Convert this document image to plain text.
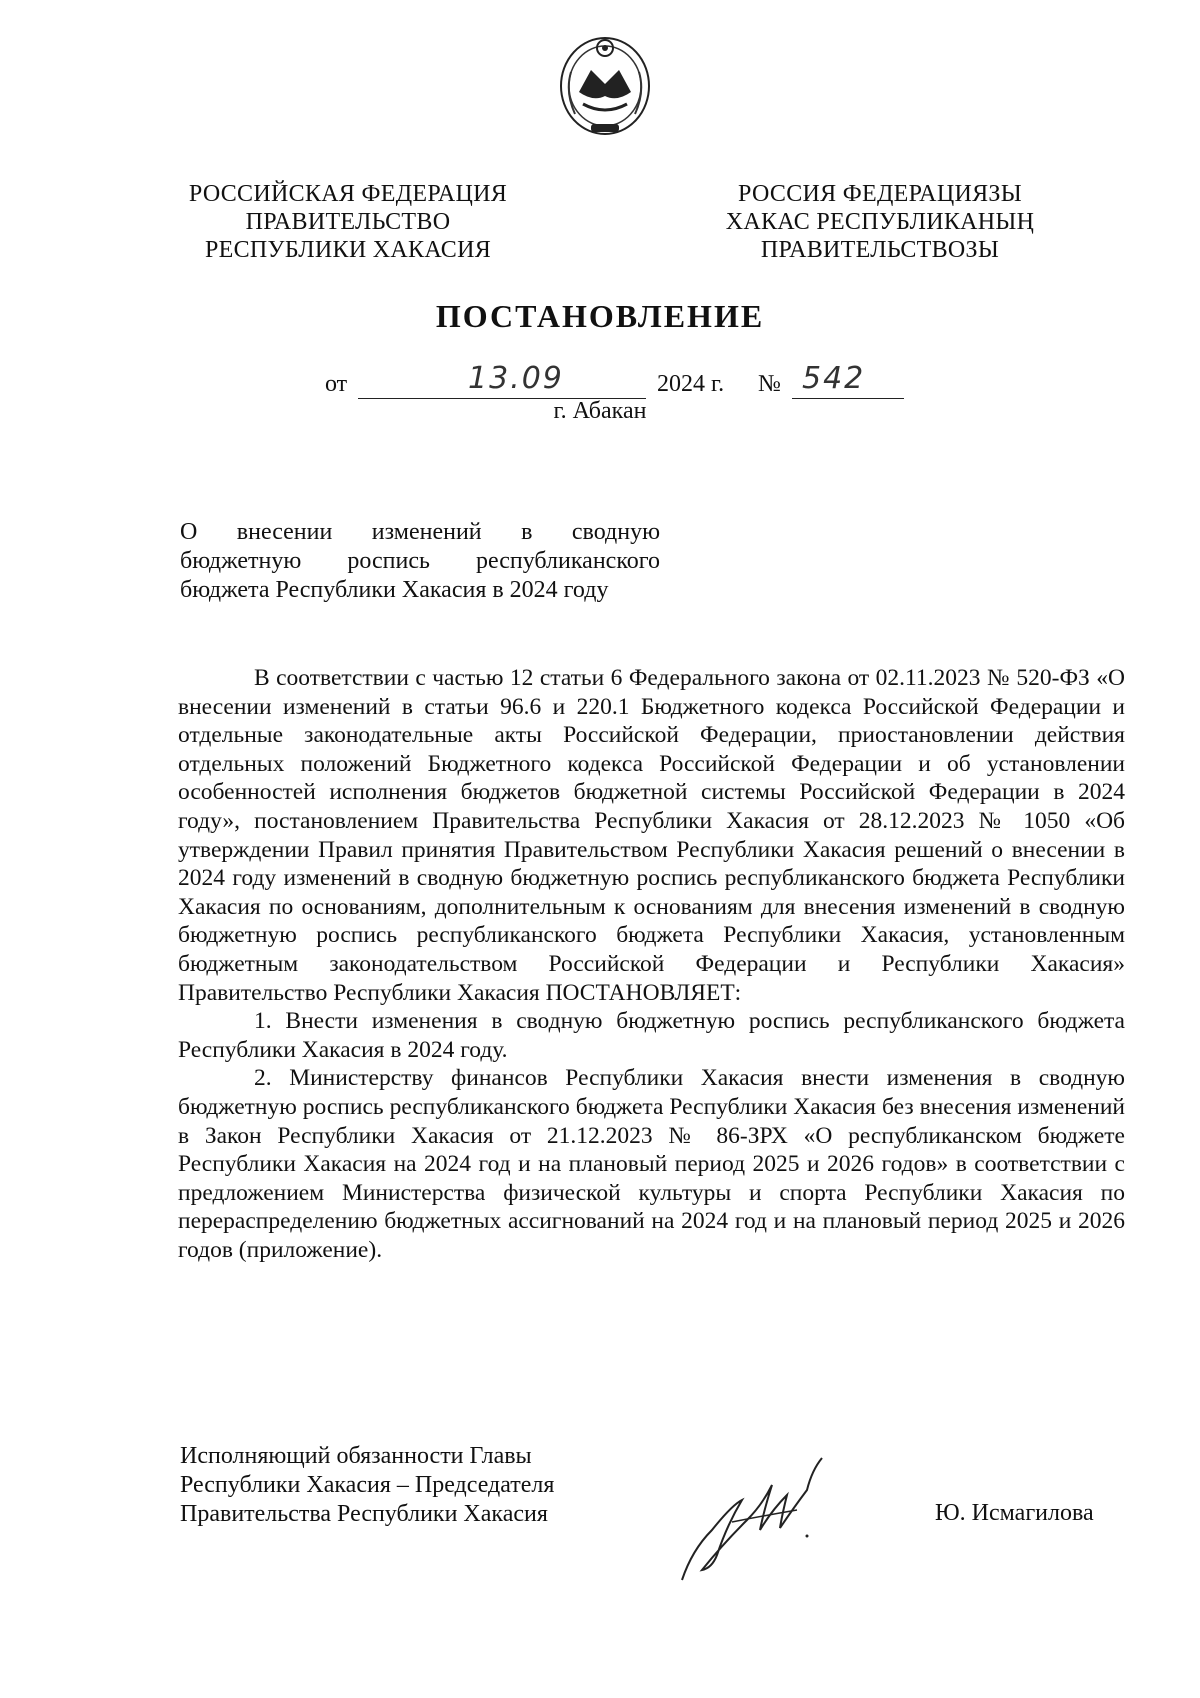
РОССИЙСКАЯ ФЕДЕРАЦИЯ
ПРАВИТЕЛЬСТВО
РЕСПУБЛИКИ ХАКАСИЯ
РОССИЯ ФЕДЕРАЦИЯЗЫ
ХАКАС РЕСПУБЛИКАНЫҢ
ПРАВИТЕЛЬСТВОЗЫ
ПОСТАНОВЛЕНИЕ
от	13.09	2024 г. № 542
г. Абакан
О внесении изменений в сводную
бюджетную роспись республиканского
бюджета Республики Хакасия в 2024 году

В соответствии с частью 12 статьи 6 Федерального закона от 02.11.2023 № 520-ФЗ «О внесении изменений в статьи 96.6 и 220.1 Бюджетного кодекса Российской Федерации и отдельные законодательные акты Российской Федерации, приостановлении действия отдельных положений Бюджетного кодекса Российской Федерации и об установлении особенностей исполнения бюджетов бюджетной системы Российской Федерации в 2024 году», постановлением Правительства Республики Хакасия от 28.12.2023 № 1050 «Об утверждении Правил принятия Правительством Республики Хакасия решений о внесении в 2024 году изменений в сводную бюджетную роспись республиканского бюджета Республики Хакасия по основаниям, дополнительным к основаниям для внесения изменений в сводную бюджетную роспись республиканского бюджета Республики Хакасия, установленным бюджетным законодательством Российской Федерации и Республики Хакасия» Правительство Республики Хакасия ПОСТАНОВЛЯЕТ:

1. Внести изменения в сводную бюджетную роспись республиканского бюджета Республики Хакасия в 2024 году.

2. Министерству финансов Республики Хакасия внести изменения в сводную бюджетную роспись республиканского бюджета Республики Хакасия без внесения изменений в Закон Республики Хакасия от 21.12.2023 № 86-ЗРХ «О республиканском бюджете Республики Хакасия на 2024 год и на плановый период 2025 и 2026 годов» в соответствии с предложением Министерства физической культуры и спорта Республики Хакасия по перераспределению бюджетных ассигнований на 2024 год и на плановый период 2025 и 2026 годов (приложение).

Исполняющий обязанности Главы
Республики Хакасия – Председателя
Правительства Республики Хакасия	Ю. Исмагилова
